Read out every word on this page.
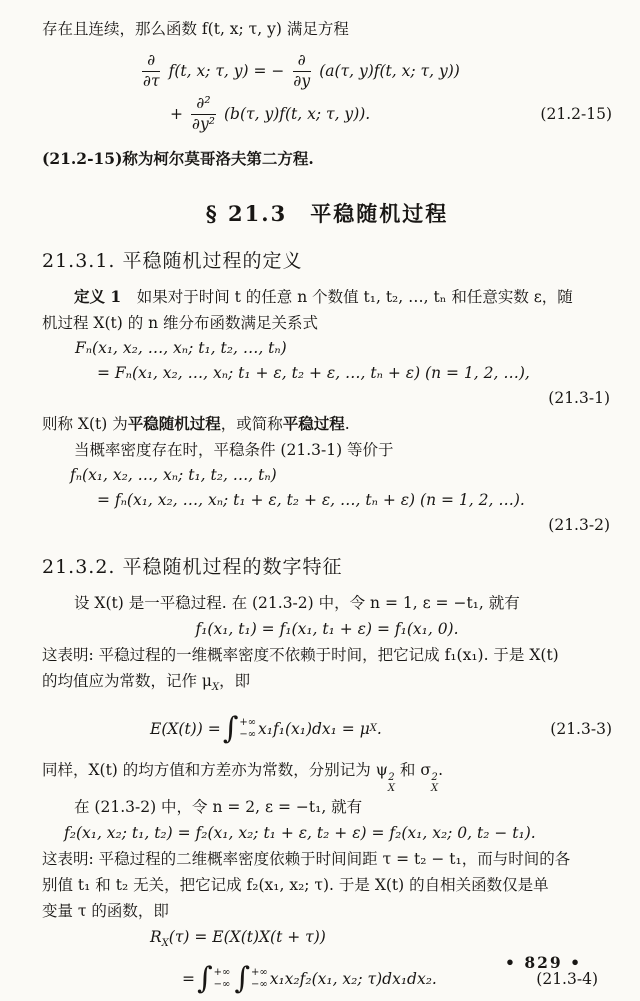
存在且连续，那么函数 f(t, x; τ, y) 满足方程
$\frac{\partial}{\partial\tau} f(t$, x; τ, y) = − $\frac{\partial}{\partial y} (a(\tau$, y)f(t, x; τ, y))
+ $\frac{\text{∂²}}{\text{∂y²}} (b(\tau$, y)f(t, x; τ, y)).	(21.2-15)
(21.2-15)称为柯尔莫哥洛夫第二方程.
§ 21.3　平稳随机过程
21.3.1. 平稳随机过程的定义
定义 1　如果对于时间 t 的任意 n 个数值 t₁, t₂, …, tₙ 和任意实数 ε，随
机过程 X(t) 的 n 维分布函数满足关系式
Fₙ(x₁, x₂, …, xₙ; t₁, t₂, …, tₙ)
= Fₙ(x₁, x₂, …, xₙ; t₁ + ε, t₂ + ε, …, tₙ + ε) (n = 1, 2, …),
(21.3-1)
则称 X(t) 为平稳随机过程，或简称平稳过程.
当概率密度存在时，平稳条件 (21.3-1) 等价于
fₙ(x₁, x₂, …, xₙ; t₁, t₂, …, tₙ)
= fₙ(x₁, x₂, …, xₙ; t₁ + ε, t₂ + ε, …, tₙ + ε) (n = 1, 2, …).
(21.3-2)
21.3.2. 平稳随机过程的数字特征
设 X(t) 是一平稳过程. 在 (21.3-2) 中，令 n = 1, ε = −t₁, 就有
f₁(x₁, t₁) = f₁(x₁, t₁ + ε) = f₁(x₁, 0).
这表明: 平稳过程的一维概率密度不依赖于时间，把它记成 f₁(x₁). 于是 X(t)
的均值应为常数，记作 $\mu_X$，即
E(X(t)) = ∫ +∞
−∞ x₁f₁(x₁)dx₁ = μ X .	(21.3-3)
同样，X(t) 的均方值和方差亦为常数，分别记为 ψ 2
X
和 σ 2
X
.
在 (21.3-2) 中，令 n = 2, ε = −t₁, 就有
f₂(x₁, x₂; t₁, t₂) = f₂(x₁, x₂; t₁ + ε, t₂ + ε) = f₂(x₁, x₂; 0, t₂ − t₁).
这表明: 平稳过程的二维概率密度依赖于时间间距 τ = t₂ − t₁，而与时间的各
别值 t₁ 和 t₂ 无关，把它记成 f₂(x₁, x₂; τ). 于是 X(t) 的自相关函数仅是单
变量 τ 的函数，即
$R_X(\tau) = E(X(t)X(t + \tau))$
= ∫ +∞
−∞ ∫ +∞
−∞ x₁x₂f₂(x₁, x₂; τ)dx₁dx₂.	(21.3-4)
• 829 •
